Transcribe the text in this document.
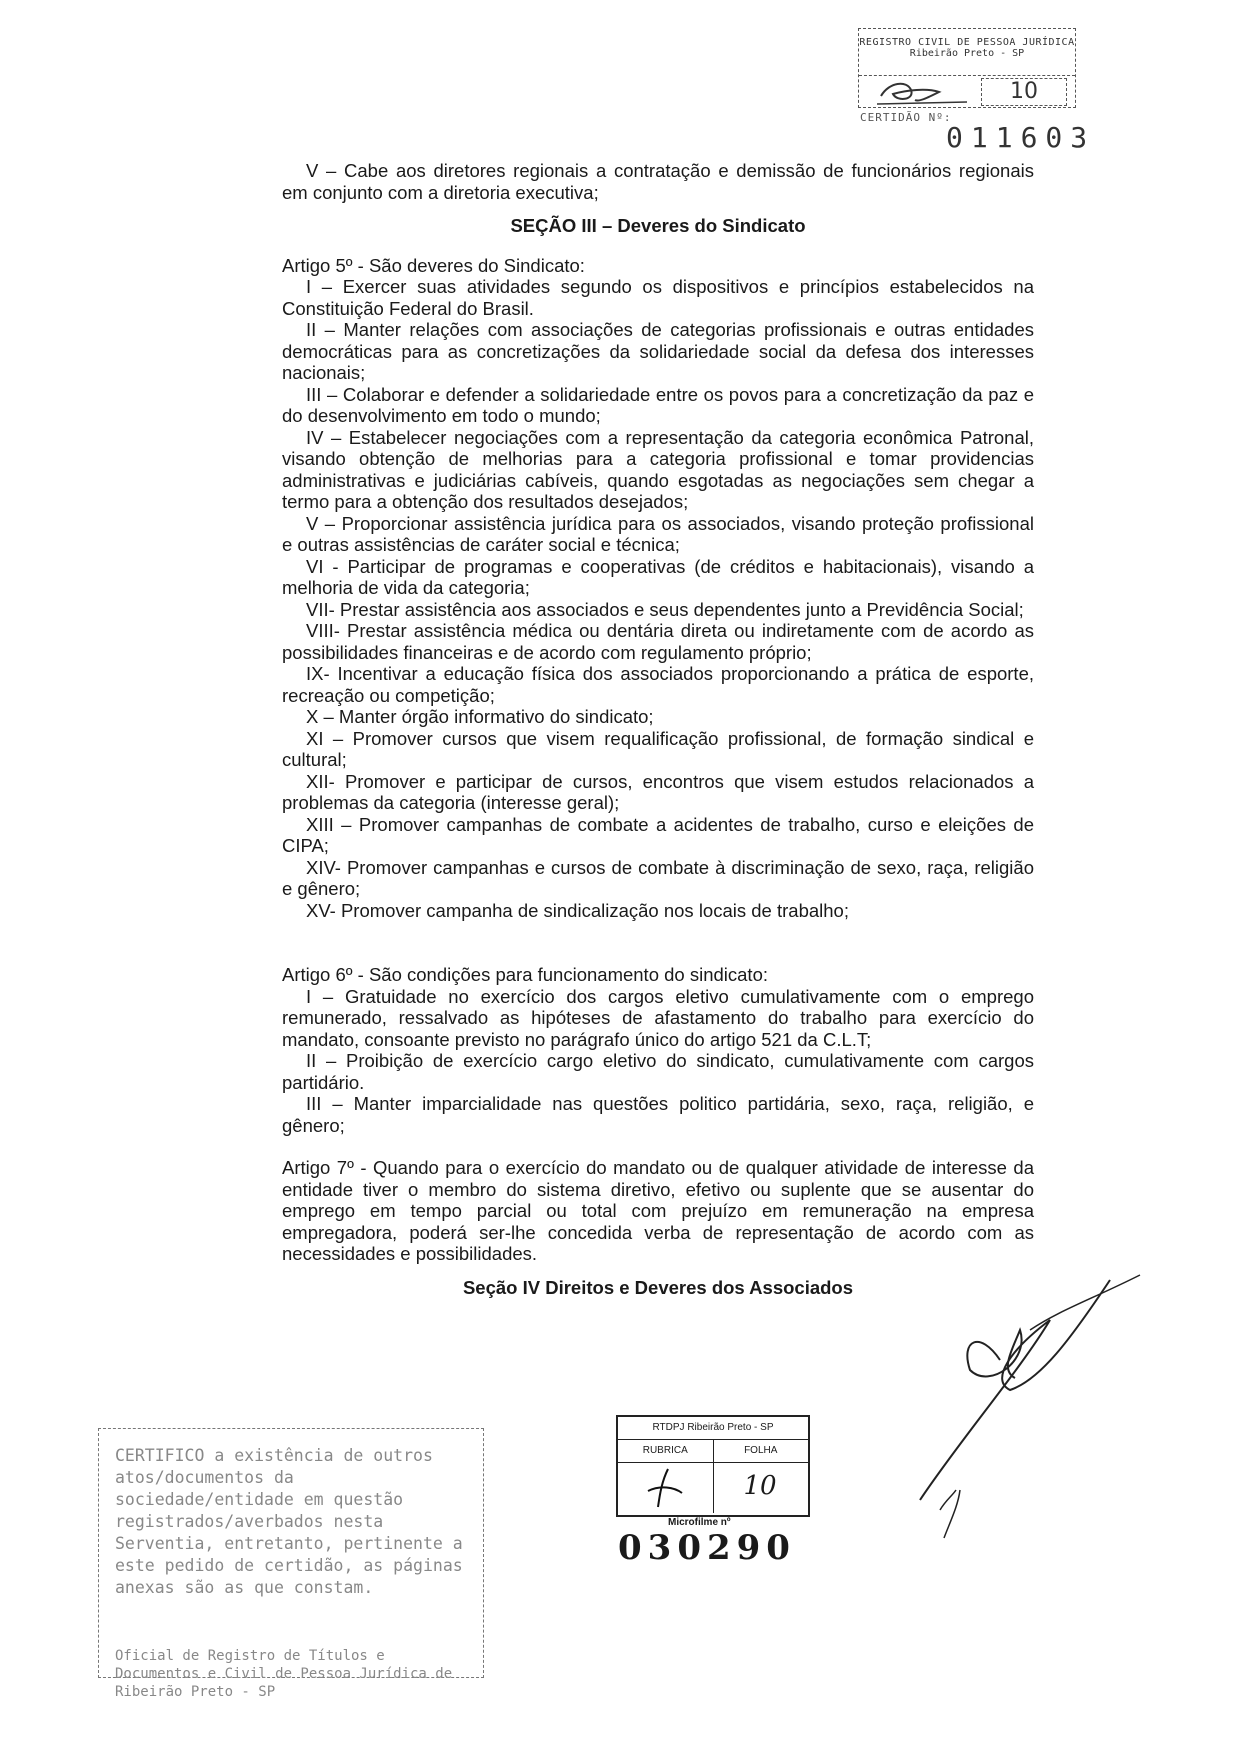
REGISTRO CIVIL DE PESSOA JURÍDICA
Ribeirão Preto - SP
10
CERTIDÃO Nº:
011603

V – Cabe aos diretores regionais a contratação e demissão de funcionários regionais em conjunto com a diretoria executiva;

SEÇÃO III – Deveres do Sindicato

Artigo 5º - São deveres do Sindicato:

I – Exercer suas atividades segundo os dispositivos e princípios estabelecidos na Constituição Federal do Brasil.

II – Manter relações com associações de categorias profissionais e outras entidades democráticas para as concretizações da solidariedade social da defesa dos interesses nacionais;

III – Colaborar e defender a solidariedade entre os povos para a concretização da paz e do desenvolvimento em todo o mundo;

IV – Estabelecer negociações com a representação da categoria econômica Patronal, visando obtenção de melhorias para a categoria profissional e tomar providencias administrativas e judiciárias cabíveis, quando esgotadas as negociações sem chegar a termo para a obtenção dos resultados desejados;

V – Proporcionar assistência jurídica para os associados, visando proteção profissional e outras assistências de caráter social e técnica;

VI - Participar de programas e cooperativas (de créditos e habitacionais), visando a melhoria de vida da categoria;

VII- Prestar assistência aos associados e seus dependentes junto a Previdência Social;

VIII- Prestar assistência médica ou dentária direta ou indiretamente com de acordo as possibilidades financeiras e de acordo com regulamento próprio;

IX- Incentivar a educação física dos associados proporcionando a prática de esporte, recreação ou competição;

X – Manter órgão informativo do sindicato;

XI – Promover cursos que visem requalificação profissional, de formação sindical e cultural;

XII- Promover e participar de cursos, encontros que visem estudos relacionados a problemas da categoria (interesse geral);

XIII – Promover campanhas de combate a acidentes de trabalho, curso e eleições de CIPA;

XIV- Promover campanhas e cursos de combate à discriminação de sexo, raça, religião e gênero;

XV- Promover campanha de sindicalização nos locais de trabalho;

Artigo 6º - São condições para funcionamento do sindicato:

I – Gratuidade no exercício dos cargos eletivo cumulativamente com o emprego remunerado, ressalvado as hipóteses de afastamento do trabalho para exercício do mandato, consoante previsto no parágrafo único do artigo 521 da C.L.T;

II – Proibição de exercício cargo eletivo do sindicato, cumulativamente com cargos partidário.

III – Manter imparcialidade nas questões politico partidária, sexo, raça, religião, e gênero;

Artigo 7º - Quando para o exercício do mandato ou de qualquer atividade de interesse da entidade tiver o membro do sistema diretivo, efetivo ou suplente que se ausentar do emprego em tempo parcial ou total com prejuízo em remuneração na empresa empregadora, poderá ser-lhe concedida verba de representação de acordo com as necessidades e possibilidades.

Seção IV Direitos e Deveres dos Associados

CERTIFICO a existência de outros atos/documentos da sociedade/entidade em questão registrados/averbados nesta Serventia, entretanto, pertinente a este pedido de certidão, as páginas anexas são as que constam.
Oficial de Registro de Títulos e Documentos e Civil de Pessoa Jurídica de Ribeirão Preto - SP
RTDPJ Ribeirão Preto - SP
RUBRICA	FOLHA
10
Microfilme nº
030290
